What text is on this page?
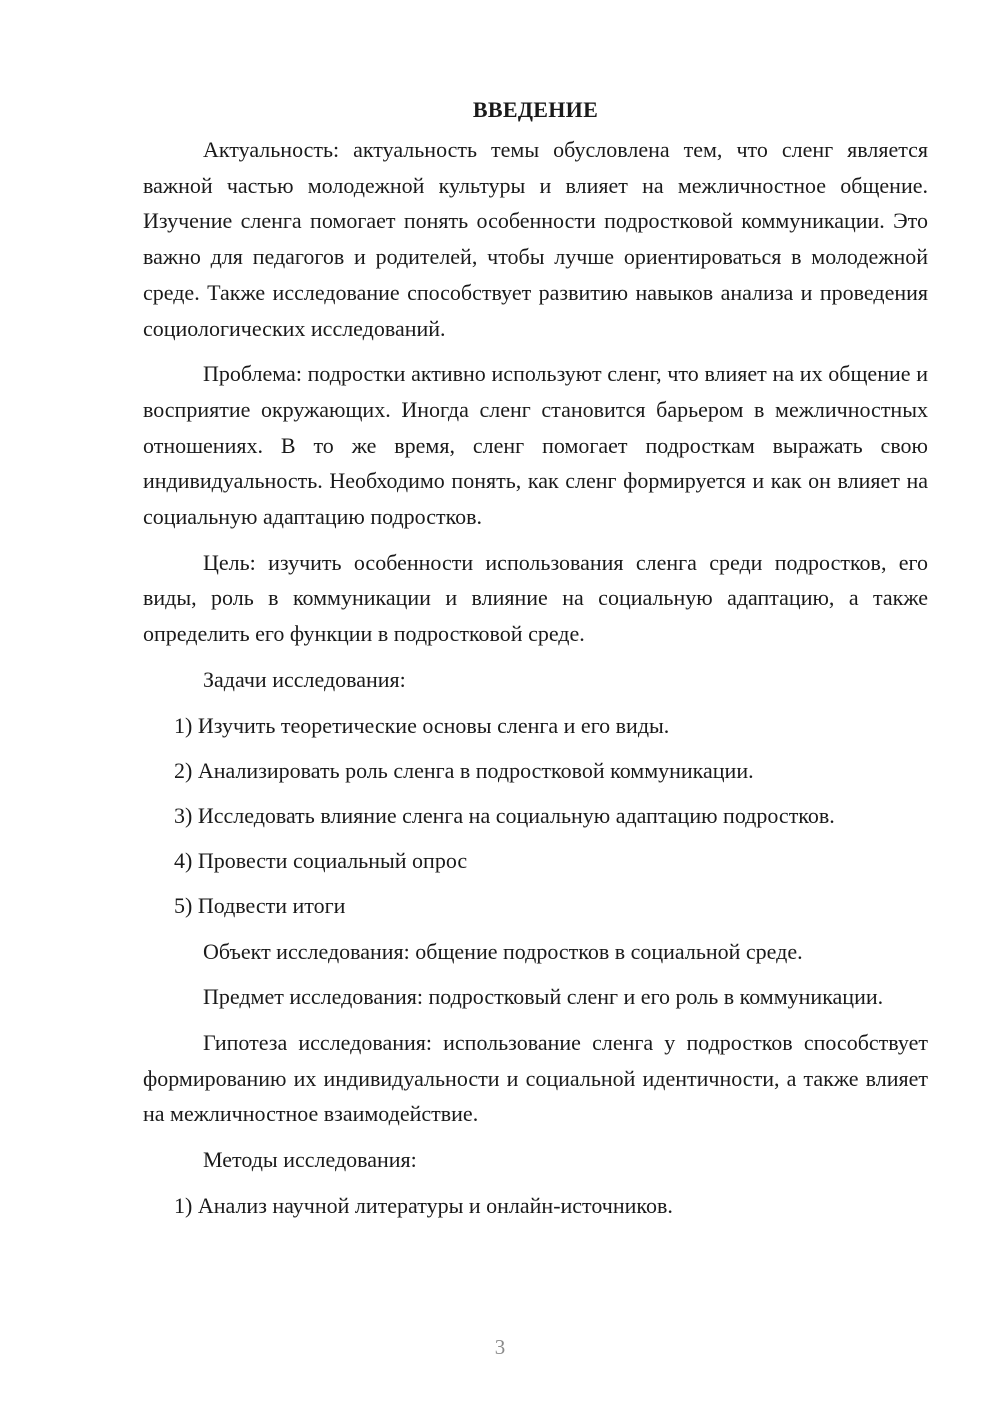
ВВЕДЕНИЕ

Актуальность: актуальность темы обусловлена тем, что сленг является важной частью молодежной культуры и влияет на межличностное общение. Изучение сленга помогает понять особенности подростковой коммуникации. Это важно для педагогов и родителей, чтобы лучше ориентироваться в молодежной среде. Также исследование способствует развитию навыков анализа и проведения социологических исследований.

Проблема: подростки активно используют сленг, что влияет на их общение и восприятие окружающих. Иногда сленг становится барьером в межличностных отношениях. В то же время, сленг помогает подросткам выражать свою индивидуальность. Необходимо понять, как сленг формируется и как он влияет на социальную адаптацию подростков.

Цель: изучить особенности использования сленга среди подростков, его виды, роль в коммуникации и влияние на социальную адаптацию, а также определить его функции в подростковой среде.

Задачи исследования:

1) Изучить теоретические основы сленга и его виды.
2) Анализировать роль сленга в подростковой коммуникации.
3) Исследовать влияние сленга на социальную адаптацию подростков.
4) Провести социальный опрос
5) Подвести итоги

Объект исследования: общение подростков в социальной среде.

Предмет исследования: подростковый сленг и его роль в коммуникации.

Гипотеза исследования: использование сленга у подростков способствует формированию их индивидуальности и социальной идентичности, а также влияет на межличностное взаимодействие.

Методы исследования:

1) Анализ научной литературы и онлайн-источников.
3
